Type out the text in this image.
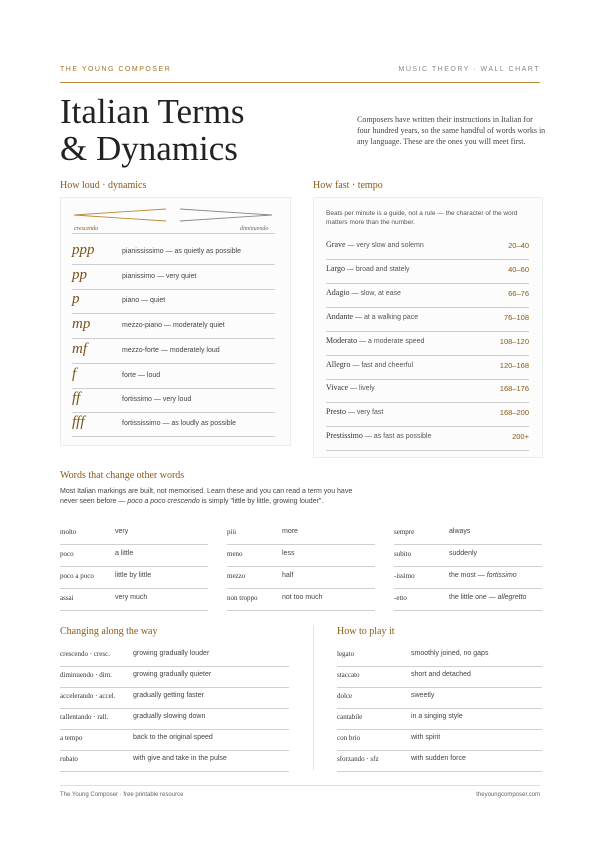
THE YOUNG COMPOSER	MUSIC THEORY · WALL CHART
Italian Terms
& Dynamics
Composers have written their instructions in Italian for four hundred years, so the same handful of words works in any language. These are the ones you will meet first.
How loud · dynamics
crescendo	diminuendo
ppp	pianississimo — as quietly as possible
pp	pianissimo — very quiet
p	piano — quiet
mp	mezzo-piano — moderately quiet
mf	mezzo-forte — moderately loud
f	forte — loud
ff	fortissimo — very loud
fff	fortississimo — as loudly as possible
How fast · tempo
Beats per minute is a guide, not a rule — the character of the word matters more than the number.
Grave — very slow and solemn	20–40
Largo — broad and stately	40–60
Adagio — slow, at ease	66–76
Andante — at a walking pace	76–108
Moderato — a moderate speed	108–120
Allegro — fast and cheerful	120–168
Vivace — lively	168–176
Presto — very fast	168–200
Prestissimo — as fast as possible	200+
Words that change other words
Most Italian markings are built, not memorised. Learn these and you can read a term you have never seen before — poco a poco crescendo is simply "little by little, growing louder".
molto	very
poco	a little
poco a poco	little by little
assai	very much
più	more
meno	less
mezzo	half
non troppo	not too much
sempre	always
subito	suddenly
-issimo	the most — fortissimo
-etto	the little one — allegretto
Changing along the way
crescendo · cresc.	growing gradually louder
diminuendo · dim.	growing gradually quieter
accelerando · accel.	gradually getting faster
rallentando · rall.	gradually slowing down
a tempo	back to the original speed
rubato	with give and take in the pulse
How to play it
legato	smoothly joined, no gaps
staccato	short and detached
dolce	sweetly
cantabile	in a singing style
con brio	with spirit
sforzando · sfz	with sudden force
The Young Composer · free printable resource	theyoungcomposer.com
